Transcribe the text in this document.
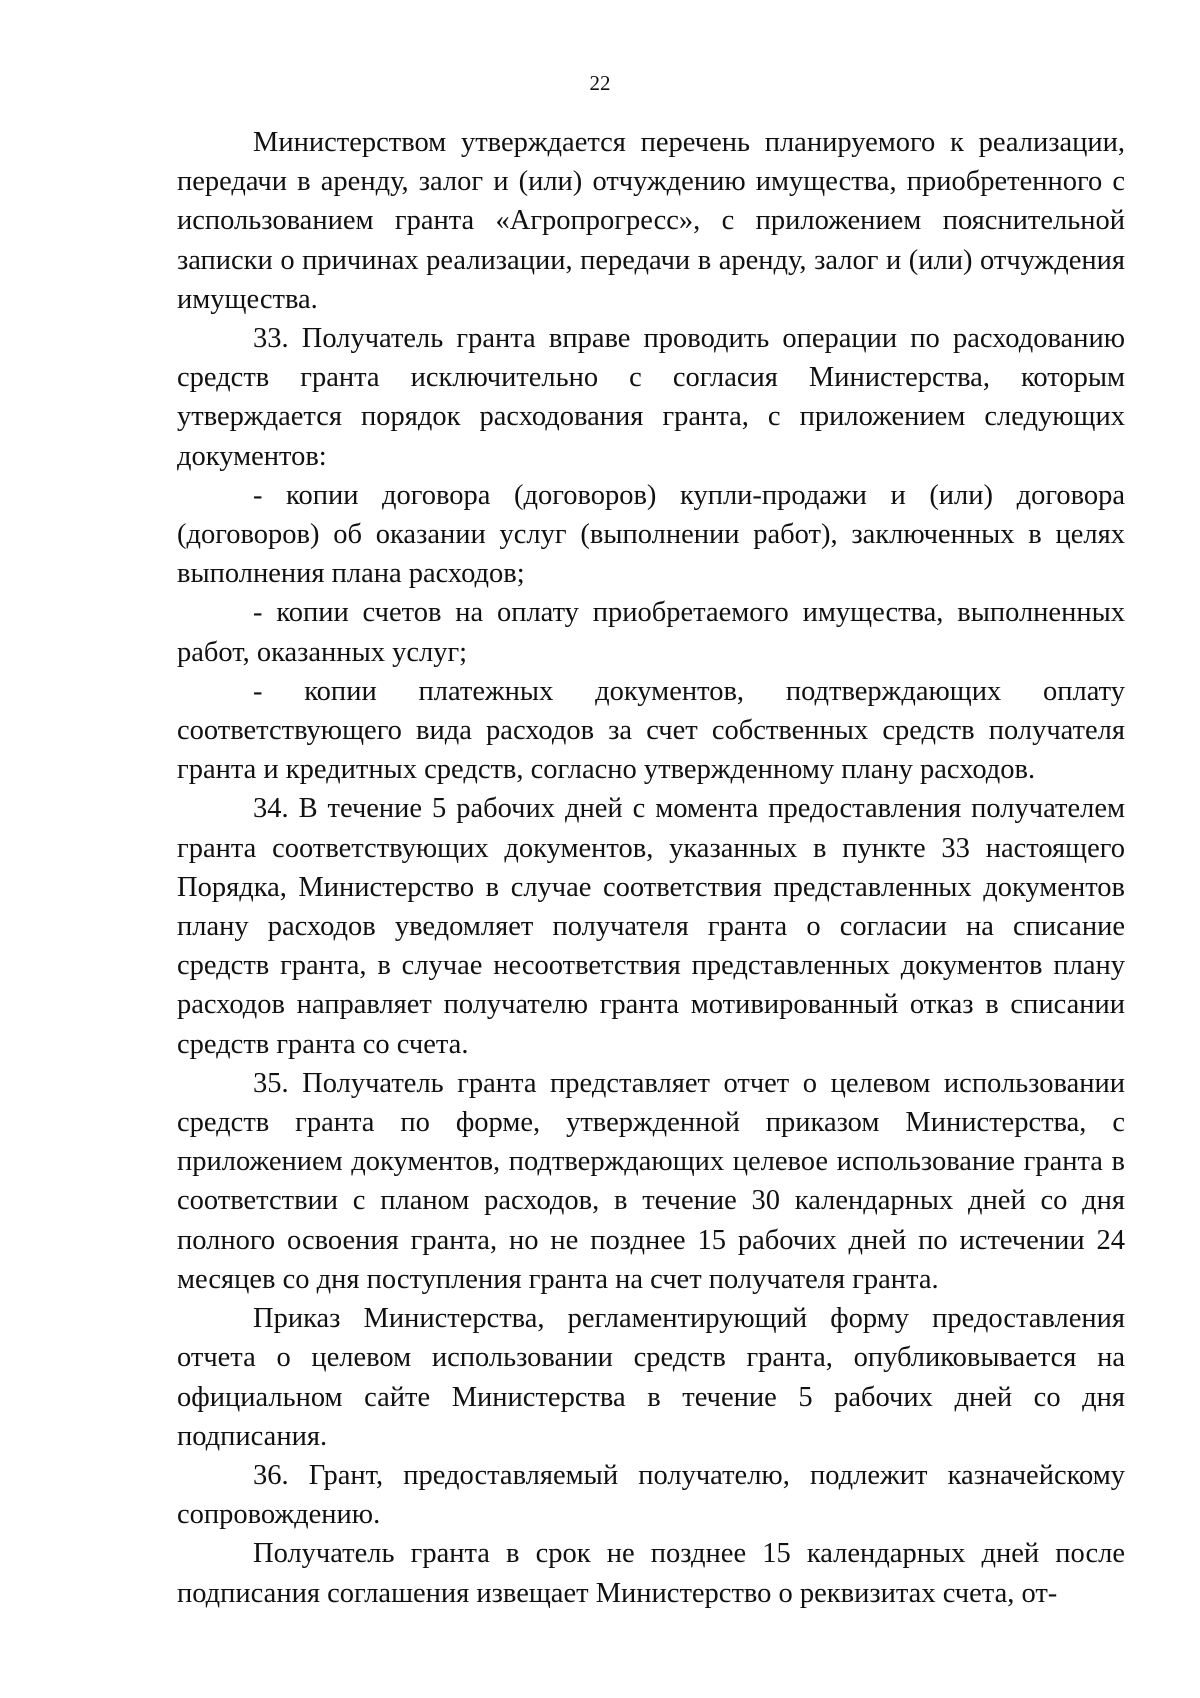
22

Министерством утверждается перечень планируемого к реализации, передачи в аренду, залог и (или) отчуждению имущества, приобретенного с использованием гранта «Агропрогресс», с приложением пояснительной записки о причинах реализации, передачи в аренду, залог и (или) отчуждения имущества.

33. Получатель гранта вправе проводить операции по расходованию средств гранта исключительно с согласия Министерства, которым утверждается порядок расходования гранта, с приложением следующих документов:

- копии договора (договоров) купли-продажи и (или) договора (договоров) об оказании услуг (выполнении работ), заключенных в целях выполнения плана расходов;

- копии счетов на оплату приобретаемого имущества, выполненных работ, оказанных услуг;

- копии платежных документов, подтверждающих оплату соответствующего вида расходов за счет собственных средств получателя гранта и кредитных средств, согласно утвержденному плану расходов.

34. В течение 5 рабочих дней с момента предоставления получателем гранта соответствующих документов, указанных в пункте 33 настоящего Порядка, Министерство в случае соответствия представленных документов плану расходов уведомляет получателя гранта о согласии на списание средств гранта, в случае несоответствия представленных документов плану расходов направляет получателю гранта мотивированный отказ в списании средств гранта со счета.

35. Получатель гранта представляет отчет о целевом использовании средств гранта по форме, утвержденной приказом Министерства, с приложением документов, подтверждающих целевое использование гранта в соответствии с планом расходов, в течение 30 календарных дней со дня полного освоения гранта, но не позднее 15 рабочих дней по истечении 24 месяцев со дня поступления гранта на счет получателя гранта.

Приказ Министерства, регламентирующий форму предоставления отчета о целевом использовании средств гранта, опубликовывается на официальном сайте Министерства в течение 5 рабочих дней со дня подписания.

36. Грант, предоставляемый получателю, подлежит казначейскому сопровождению.

Получатель гранта в срок не позднее 15 календарных дней после подписания соглашения извещает Министерство о реквизитах счета, от-
